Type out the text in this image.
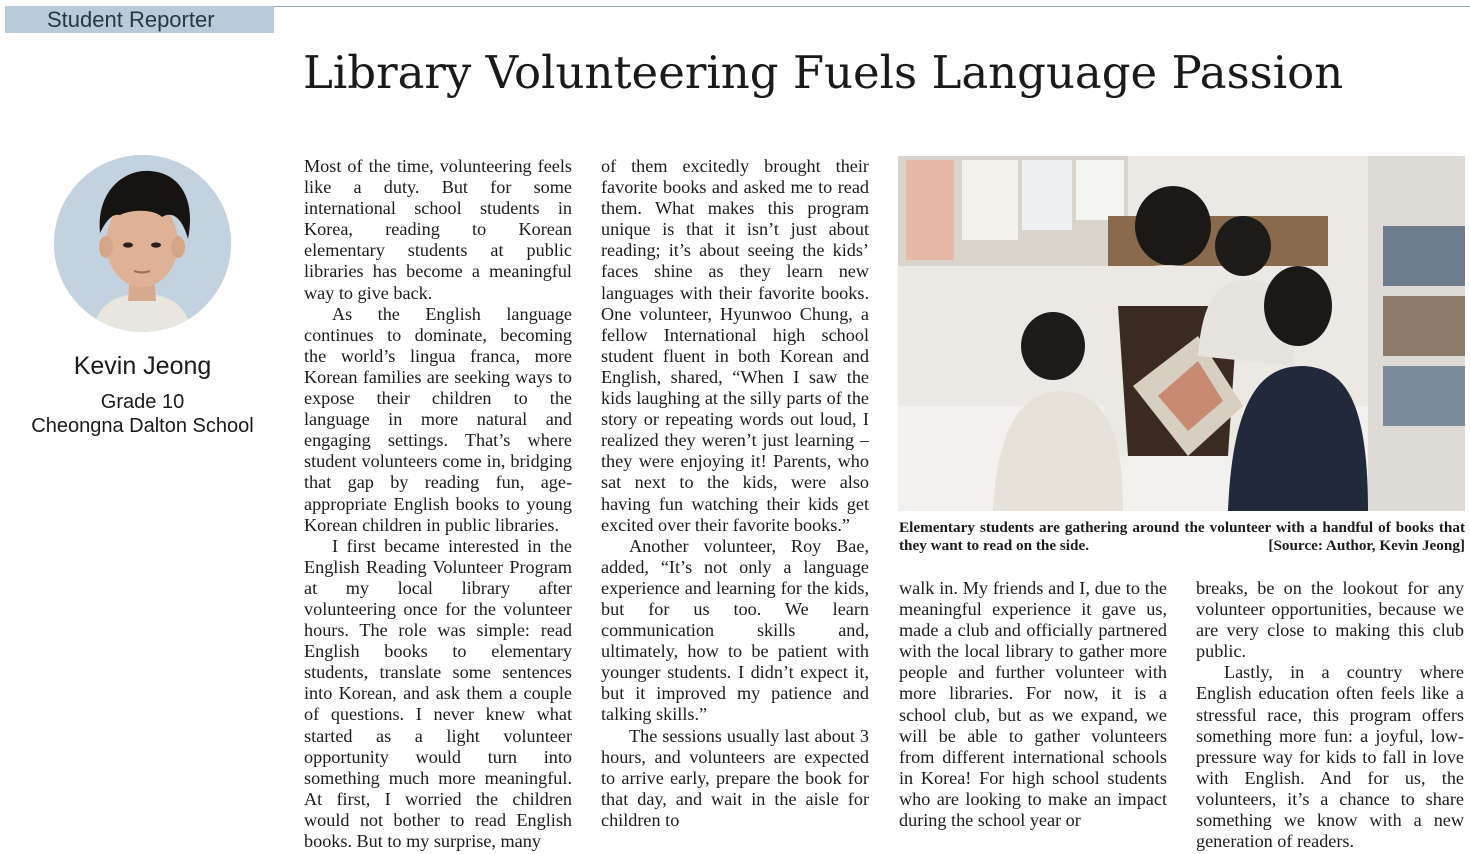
Student Reporter
Library Volunteering Fuels Language Passion
Kevin Jeong
Grade 10
Cheongna Dalton School

Most of the time, volunteering feels like a duty. But for some international school students in Korea, reading to Korean elementary students at public libraries has become a meaningful way to give back.

As the English language continues to dominate, becoming the world’s lingua franca, more Korean families are seeking ways to expose their children to the language in more natural and engaging settings. That’s where student volunteers come in, bridging that gap by reading fun, age-appropriate English books to young Korean children in public libraries.

I first became interested in the English Reading Volunteer Program at my local library after volunteering once for the volunteer hours. The role was simple: read English books to elementary students, translate some sentences into Korean, and ask them a couple of questions. I never knew what started as a light volunteer opportunity would turn into something much more meaningful. At first, I worried the children would not bother to read English books. But to my surprise, many

of them excitedly brought their favorite books and asked me to read them. What makes this program unique is that it isn’t just about reading; it’s about seeing the kids’ faces shine as they learn new languages with their favorite books. One volunteer, Hyunwoo Chung, a fellow International high school student fluent in both Korean and English, shared, “When I saw the kids laughing at the silly parts of the story or repeating words out loud, I realized they weren’t just learning – they were enjoying it! Parents, who sat next to the kids, were also having fun watching their kids get excited over their favorite books.”

Another volunteer, Roy Bae, added, “It’s not only a language experience and learning for the kids, but for us too. We learn communication skills and, ultimately, how to be patient with younger students. I didn’t expect it, but it improved my patience and talking skills.”

The sessions usually last about 3 hours, and volunteers are expected to arrive early, prepare the book for that day, and wait in the aisle for children to

Elementary students are gathering around the volunteer with a handful of books that they want to read on the side.	[Source: Author, Kevin Jeong]

walk in. My friends and I, due to the meaningful experience it gave us, made a club and officially partnered with the local library to gather more people and further volunteer with more libraries. For now, it is a school club, but as we expand, we will be able to gather volunteers from different international schools in Korea! For high school students who are looking to make an impact during the school year or

breaks, be on the lookout for any volunteer opportunities, because we are very close to making this club public.

Lastly, in a country where English education often feels like a stressful race, this program offers something more fun: a joyful, low-pressure way for kids to fall in love with English. And for us, the volunteers, it’s a chance to share something we know with a new generation of readers.
